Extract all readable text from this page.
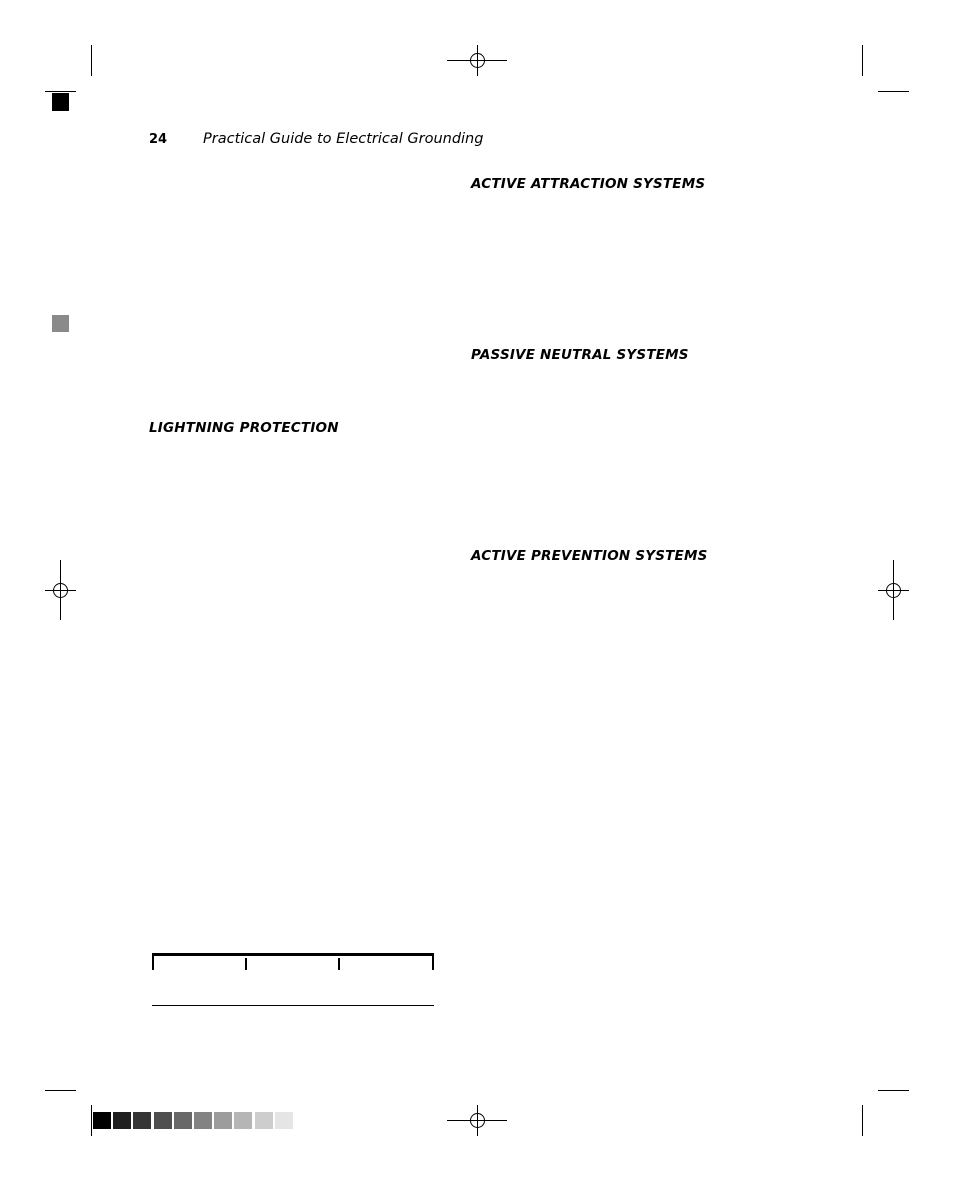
24 Practical Guide to Electrical Grounding
ACTIVE ATTRACTION SYSTEMS
PASSIVE NEUTRAL SYSTEMS
LIGHTNING PROTECTION
ACTIVE PREVENTION SYSTEMS
